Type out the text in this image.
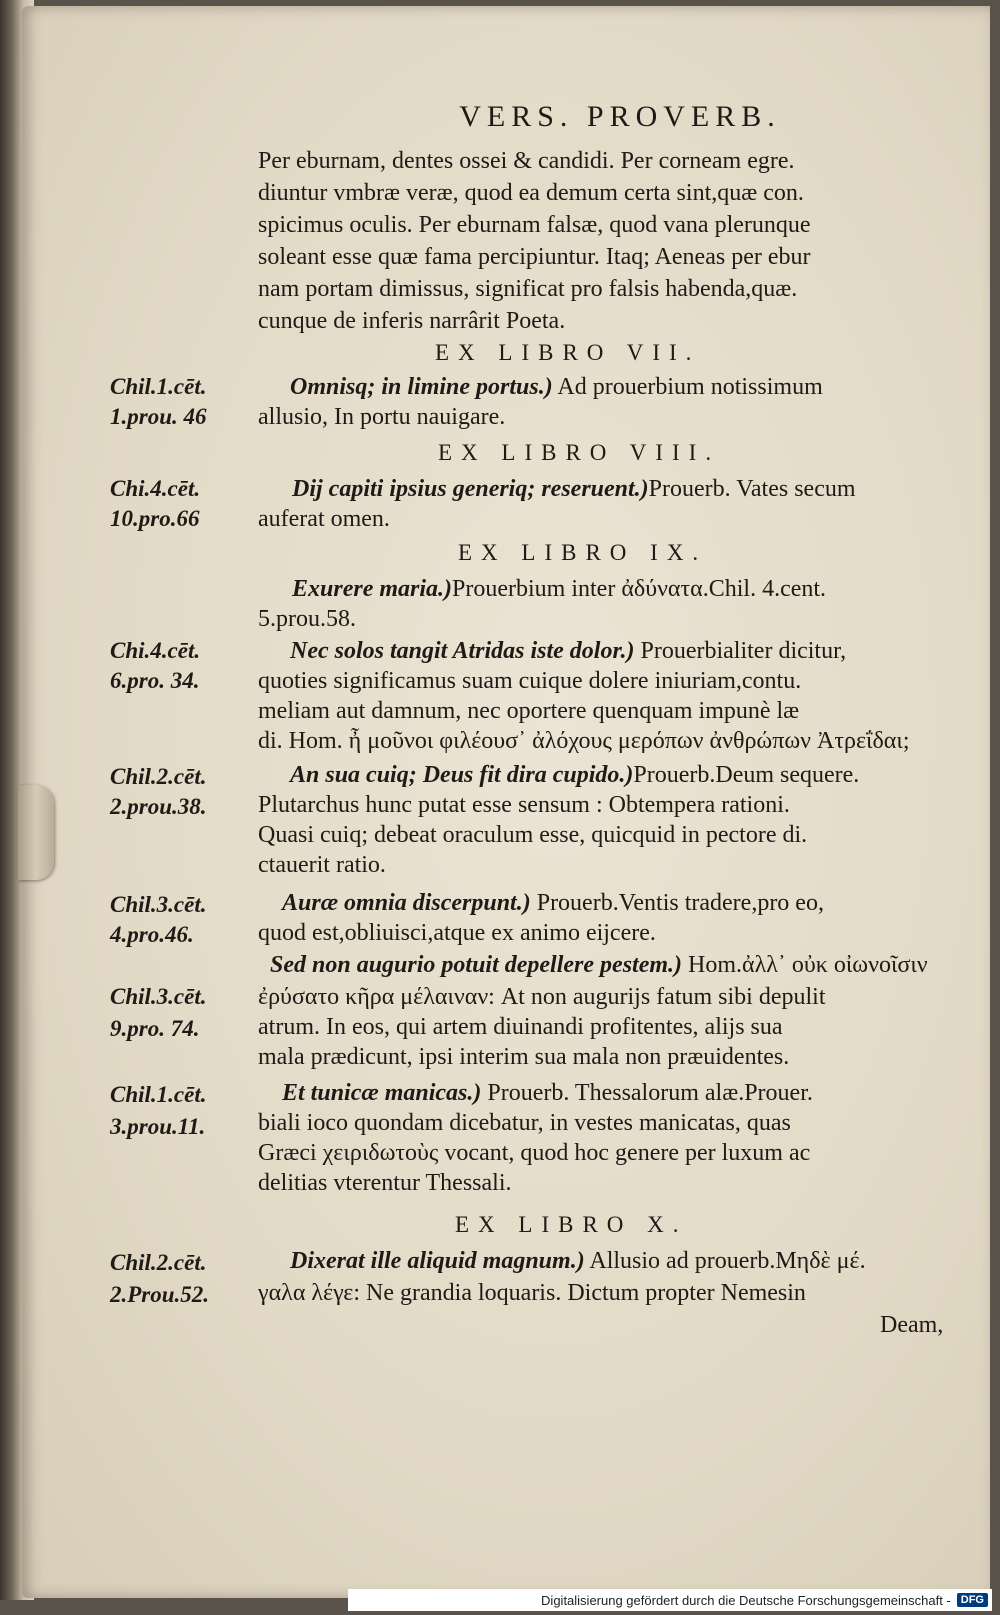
VERS. PROVERB.
Per eburnam, dentes ossei & candidi. Per corneam egre.
diuntur vmbræ veræ, quod ea demum certa sint,quæ con.
spicimus oculis. Per eburnam falsæ, quod vana plerunque
soleant esse quæ fama percipiuntur. Itaq; Aeneas per ebur
nam portam dimissus, significat pro falsis habenda,quæ.
cunque de inferis narrârit Poeta.
EX LIBRO VII.
Chil.1.cēt.
1.prou. 46
Omnisq; in limine portus.) Ad prouerbium notissimum
allusio, In portu nauigare.
EX LIBRO VIII.
Chi.4.cēt.
10.pro.66
Dij capiti ipsius generiq; reseruent.)Prouerb. Vates secum
auferat omen.
EX LIBRO IX.
Exurere maria.)Prouerbium inter ἀδύνατα.Chil. 4.cent.
5.prou.58.
Chi.4.cēt.
6.pro. 34.
Nec solos tangit Atridas iste dolor.) Prouerbialiter dicitur,
quoties significamus suam cuique dolere iniuriam,contu.
meliam aut damnum, nec oportere quenquam impunè læ
di. Hom. ἦ μοῦνοι φιλέουσ᾽ ἀλόχους μερόπων ἀνθρώπων Ἀτρεΐδαι;
Chil.2.cēt.
2.prou.38.
An sua cuiq; Deus fit dira cupido.)Prouerb.Deum sequere.
Plutarchus hunc putat esse sensum : Obtempera rationi.
Quasi cuiq; debeat oraculum esse, quicquid in pectore di.
ctauerit ratio.
Chil.3.cēt.
4.pro.46.
Auræ omnia discerpunt.) Prouerb.Ventis tradere,pro eo,
quod est,obliuisci,atque ex animo eijcere.
Sed non augurio potuit depellere pestem.) Hom.ἀλλ᾽ οὐκ οἰωνοῖσιν
Chil.3.cēt.
9.pro. 74.
ἐρύσατο κῆρα μέλαιναν: At non augurijs fatum sibi depulit
atrum. In eos, qui artem diuinandi profitentes, alijs sua
mala prædicunt, ipsi interim sua mala non præuidentes.
Chil.1.cēt.
3.prou.11.
Et tunicæ manicas.) Prouerb. Thessalorum alæ.Prouer.
biali ioco quondam dicebatur, in vestes manicatas, quas
Græci χειριδωτοὺς vocant, quod hoc genere per luxum ac
delitias vterentur Thessali.
EX LIBRO X.
Chil.2.cēt.
2.Prou.52.
Dixerat ille aliquid magnum.) Allusio ad prouerb.Μηδὲ μέ.
γαλα λέγε: Ne grandia loquaris. Dictum propter Nemesin
Deam,
Digitalisierung gefördert durch die Deutsche Forschungsgemeinschaft - DFG
